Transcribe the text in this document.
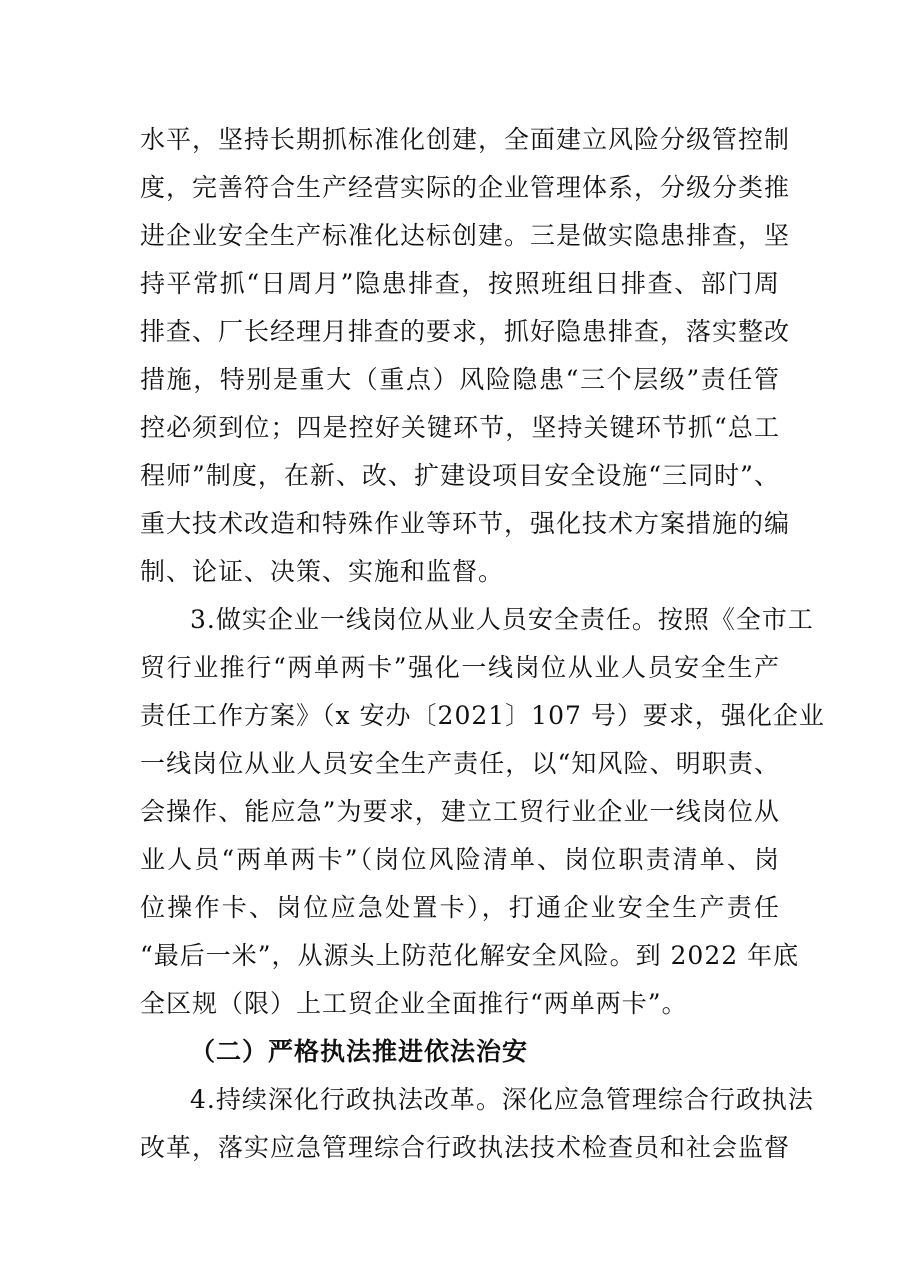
水平，坚持长期抓标准化创建，全面建立风险分级管控制
度，完善符合生产经营实际的企业管理体系，分级分类推
进企业安全生产标准化达标创建。三是做实隐患排查，坚
持平常抓“日周月”隐患排查，按照班组日排查、部门周
排查、厂长经理月排查的要求，抓好隐患排查，落实整改
措施，特别是重大（重点）风险隐患“三个层级”责任管
控必须到位；四是控好关键环节，坚持关键环节抓“总工
程师”制度，在新、改、扩建设项目安全设施“三同时”、
重大技术改造和特殊作业等环节，强化技术方案措施的编
制、论证、决策、实施和监督。
3.做实企业一线岗位从业人员安全责任。按照《全市工
贸行业推行“两单两卡”强化一线岗位从业人员安全生产
责任工作方案》（x 安办〔2021〕107 号）要求，强化企业
一线岗位从业人员安全生产责任，以“知风险、明职责、
会操作、能应急”为要求，建立工贸行业企业一线岗位从
业人员“两单两卡”（岗位风险清单、岗位职责清单、岗
位操作卡、岗位应急处置卡），打通企业安全生产责任
“最后一米”，从源头上防范化解安全风险。到 2022 年底
全区规（限）上工贸企业全面推行“两单两卡”。
（二）严格执法推进依法治安
4.持续深化行政执法改革。深化应急管理综合行政执法
改革，落实应急管理综合行政执法技术检查员和社会监督
